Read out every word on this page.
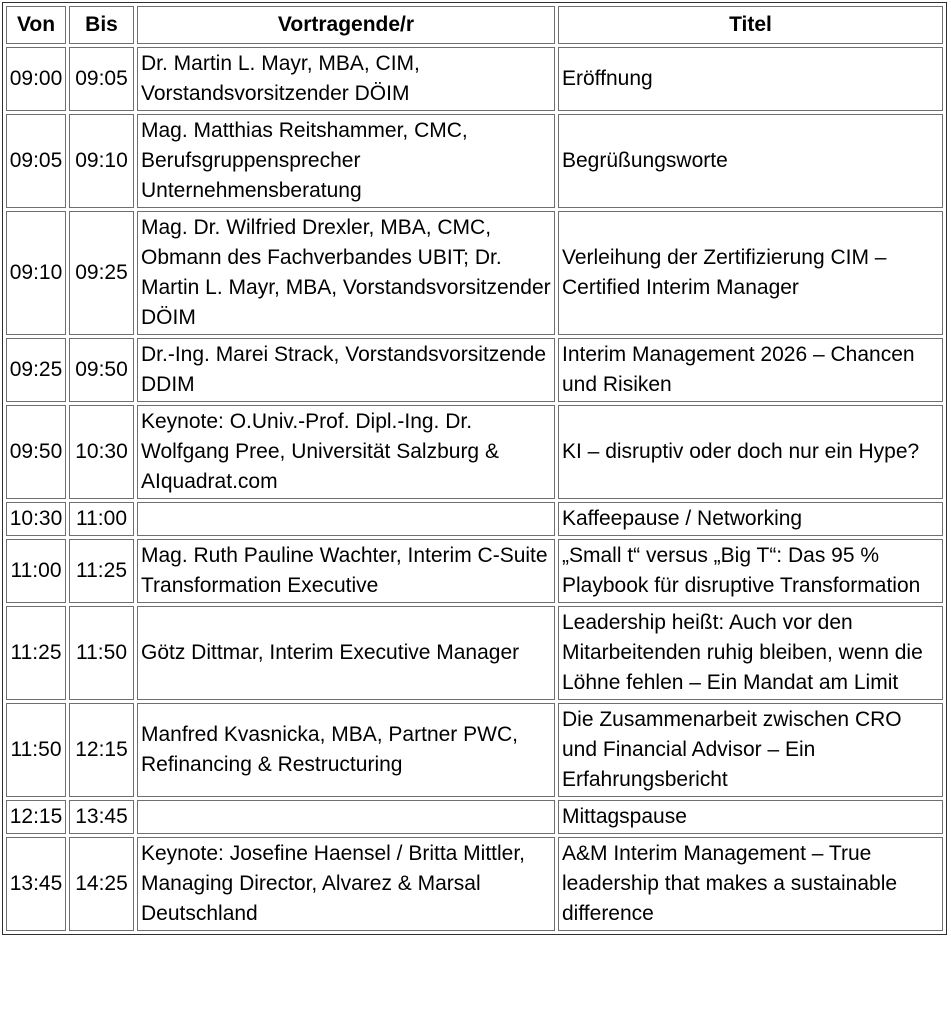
Von	Bis	Vortragende/r	Titel
09:00	09:05	Dr. Martin L. Mayr, MBA, CIM, Vorstandsvorsitzender DÖIM	Eröffnung
09:05	09:10	Mag. Matthias Reitshammer, CMC, Berufsgruppensprecher Unternehmensberatung	Begrüßungsworte
09:10	09:25	Mag. Dr. Wilfried Drexler, MBA, CMC, Obmann des Fachverbandes UBIT; Dr. Martin L. Mayr, MBA, Vorstandsvorsitzender DÖIM	Verleihung der Zertifizierung CIM – Certified Interim Manager
09:25	09:50	Dr.-Ing. Marei Strack, Vorstandsvorsitzende DDIM	Interim Management 2026 – Chancen und Risiken
09:50	10:30	Keynote: O.Univ.-Prof. Dipl.-Ing. Dr. Wolfgang Pree, Universität Salzburg & AIquadrat.com	KI – disruptiv oder doch nur ein Hype?
10:30	11:00		Kaffeepause / Networking
11:00	11:25	Mag. Ruth Pauline Wachter, Interim C-Suite Transformation Executive	„Small t“ versus „Big T“: Das 95 % Playbook für disruptive Transformation
11:25	11:50	Götz Dittmar, Interim Executive Manager	Leadership heißt: Auch vor den Mitarbeitenden ruhig bleiben, wenn die Löhne fehlen – Ein Mandat am Limit
11:50	12:15	Manfred Kvasnicka, MBA, Partner PWC, Refinancing & Restructuring	Die Zusammenarbeit zwischen CRO und Financial Advisor – Ein Erfahrungsbericht
12:15	13:45		Mittagspause
13:45	14:25	Keynote: Josefine Haensel / Britta Mittler, Managing Director, Alvarez & Marsal Deutschland	A&M Interim Management – True leadership that makes a sustainable difference
